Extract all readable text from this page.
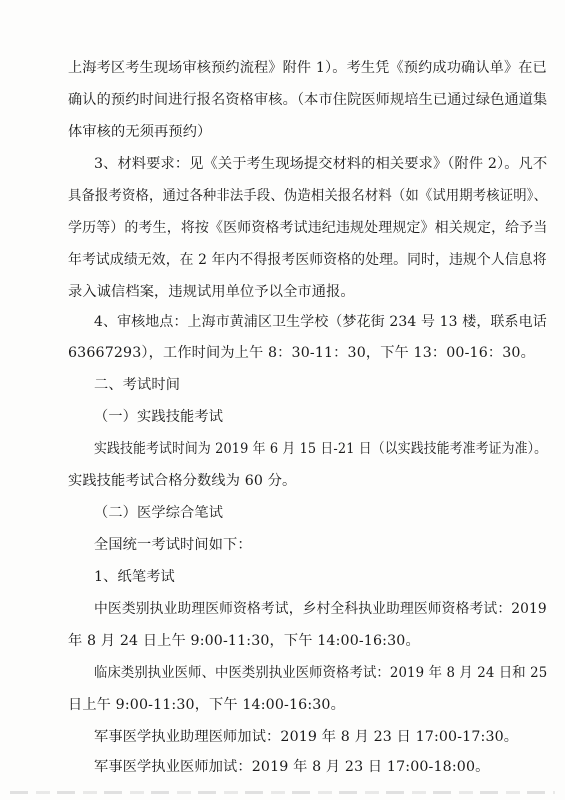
上海考区考生现场审核预约流程》附件 1）。考生凭《预约成功确认单》在已
确认的预约时间进行报名资格审核。（本市住院医师规培生已通过绿色通道集
体审核的无须再预约）
3、材料要求：见《关于考生现场提交材料的相关要求》（附件 2）。凡不
具备报考资格，通过各种非法手段、伪造相关报名材料（如《试用期考核证明》、
学历等）的考生，将按《医师资格考试违纪违规处理规定》相关规定，给予当
年考试成绩无效，在 2 年内不得报考医师资格的处理。同时，违规个人信息将
录入诚信档案，违规试用单位予以全市通报。
4、审核地点：上海市黄浦区卫生学校（梦花街 234 号 13 楼，联系电话
63667293），工作时间为上午 8：30-11：30，下午 13：00-16：30。
二、考试时间
（一）实践技能考试
实践技能考试时间为 2019 年 6 月 15 日-21 日（以实践技能考准考证为准）。
实践技能考试合格分数线为 60 分。
（二）医学综合笔试
全国统一考试时间如下：
1、纸笔考试
中医类别执业助理医师资格考试，乡村全科执业助理医师资格考试：2019
年 8 月 24 日上午 9:00-11:30，下午 14:00-16:30。
临床类别执业医师、中医类别执业医师资格考试：2019 年 8 月 24 日和 25
日上午 9:00-11:30，下午 14:00-16:30。
军事医学执业助理医师加试：2019 年 8 月 23 日 17:00-17:30。
军事医学执业医师加试：2019 年 8 月 23 日 17:00-18:00。
